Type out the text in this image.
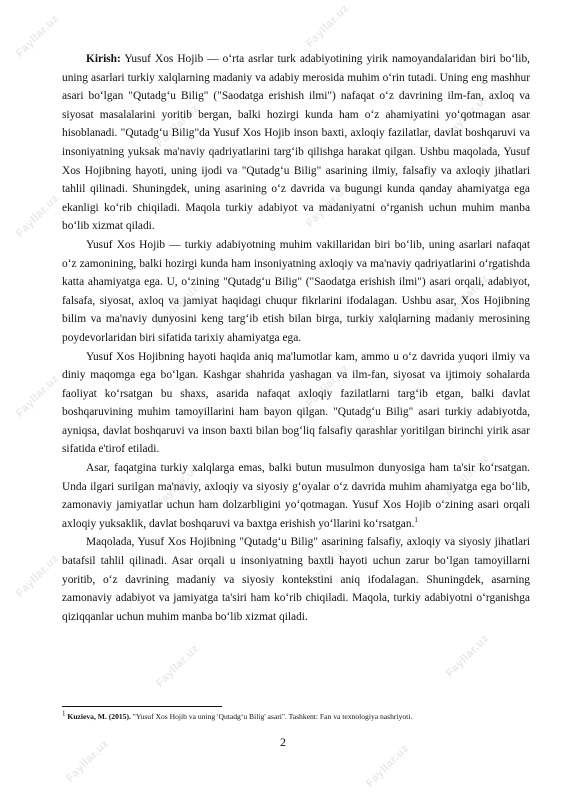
Fayllar.uz	Fayllar.uz
Fayllar.uz	Fayllar.uz
Fayllar.uz	Fayllar.uz
Fayllar.uz	Fayllar.uz
Fayllar.uz	Fayllar.uz
Fayllar.uz	Fayllar.uz
Fayllar.uz	Fayllar.uz
Fayllar.uz	Fayllar.uz
Fayllar.uz	Fayllar.uz

Kirish: Yusuf Xos Hojib — oʻrta asrlar turk adabiyotining yirik namoyandalaridan biri boʻlib, uning asarlari turkiy xalqlarning madaniy va adabiy merosida muhim oʻrin tutadi. Uning eng mashhur asari boʻlgan "Qutadgʻu Bilig" ("Saodatga erishish ilmi") nafaqat oʻz davrining ilm-fan, axloq va siyosat masalalarini yoritib bergan, balki hozirgi kunda ham oʻz ahamiyatini yoʻqotmagan asar hisoblanadi. "Qutadgʻu Bilig"da Yusuf Xos Hojib inson baxti, axloqiy fazilatlar, davlat boshqaruvi va insoniyatning yuksak ma'naviy qadriyatlarini targʻib qilishga harakat qilgan. Ushbu maqolada, Yusuf Xos Hojibning hayoti, uning ijodi va "Qutadgʻu Bilig" asarining ilmiy, falsafiy va axloqiy jihatlari tahlil qilinadi. Shuningdek, uning asarining oʻz davrida va bugungi kunda qanday ahamiyatga ega ekanligi koʻrib chiqiladi. Maqola turkiy adabiyot va madaniyatni oʻrganish uchun muhim manba boʻlib xizmat qiladi.

Yusuf Xos Hojib — turkiy adabiyotning muhim vakillaridan biri boʻlib, uning asarlari nafaqat oʻz zamonining, balki hozirgi kunda ham insoniyatning axloqiy va ma'naviy qadriyatlarini oʻrgatishda katta ahamiyatga ega. U, oʻzining "Qutadgʻu Bilig" ("Saodatga erishish ilmi") asari orqali, adabiyot, falsafa, siyosat, axloq va jamiyat haqidagi chuqur fikrlarini ifodalagan. Ushbu asar, Xos Hojibning bilim va ma'naviy dunyosini keng targʻib etish bilan birga, turkiy xalqlarning madaniy merosining poydevorlaridan biri sifatida tarixiy ahamiyatga ega.

Yusuf Xos Hojibning hayoti haqida aniq ma'lumotlar kam, ammo u oʻz davrida yuqori ilmiy va diniy maqomga ega boʻlgan. Kashgar shahrida yashagan va ilm-fan, siyosat va ijtimoiy sohalarda faoliyat koʻrsatgan bu shaxs, asarida nafaqat axloqiy fazilatlarni targʻib etgan, balki davlat boshqaruvining muhim tamoyillarini ham bayon qilgan. "Qutadgʻu Bilig" asari turkiy adabiyotda, ayniqsa, davlat boshqaruvi va inson baxti bilan bogʻliq falsafiy qarashlar yoritilgan birinchi yirik asar sifatida e'tirof etiladi.

Asar, faqatgina turkiy xalqlarga emas, balki butun musulmon dunyosiga ham ta'sir koʻrsatgan. Unda ilgari surilgan ma'naviy, axloqiy va siyosiy gʻoyalar oʻz davrida muhim ahamiyatga ega boʻlib, zamonaviy jamiyatlar uchun ham dolzarbligini yoʻqotmagan. Yusuf Xos Hojib oʻzining asari orqali axloqiy yuksaklik, davlat boshqaruvi va baxtga erishish yoʻllarini koʻrsatgan.$^1$

Maqolada, Yusuf Xos Hojibning "Qutadgʻu Bilig" asarining falsafiy, axloqiy va siyosiy jihatlari batafsil tahlil qilinadi. Asar orqali u insoniyatning baxtli hayoti uchun zarur boʻlgan tamoyillarni yoritib, oʻz davrining madaniy va siyosiy kontekstini aniq ifodalagan. Shuningdek, asarning zamonaviy adabiyot va jamiyatga ta'siri ham koʻrib chiqiladi. Maqola, turkiy adabiyotni oʻrganishga qiziqqanlar uchun muhim manba boʻlib xizmat qiladi.

$^1$ Kuzieva, M. (2015). "Yusuf Xos Hojib va uning 'Qutadgʻu Bilig' asari". Tashkent: Fan va texnologiya nashriyoti.
2
